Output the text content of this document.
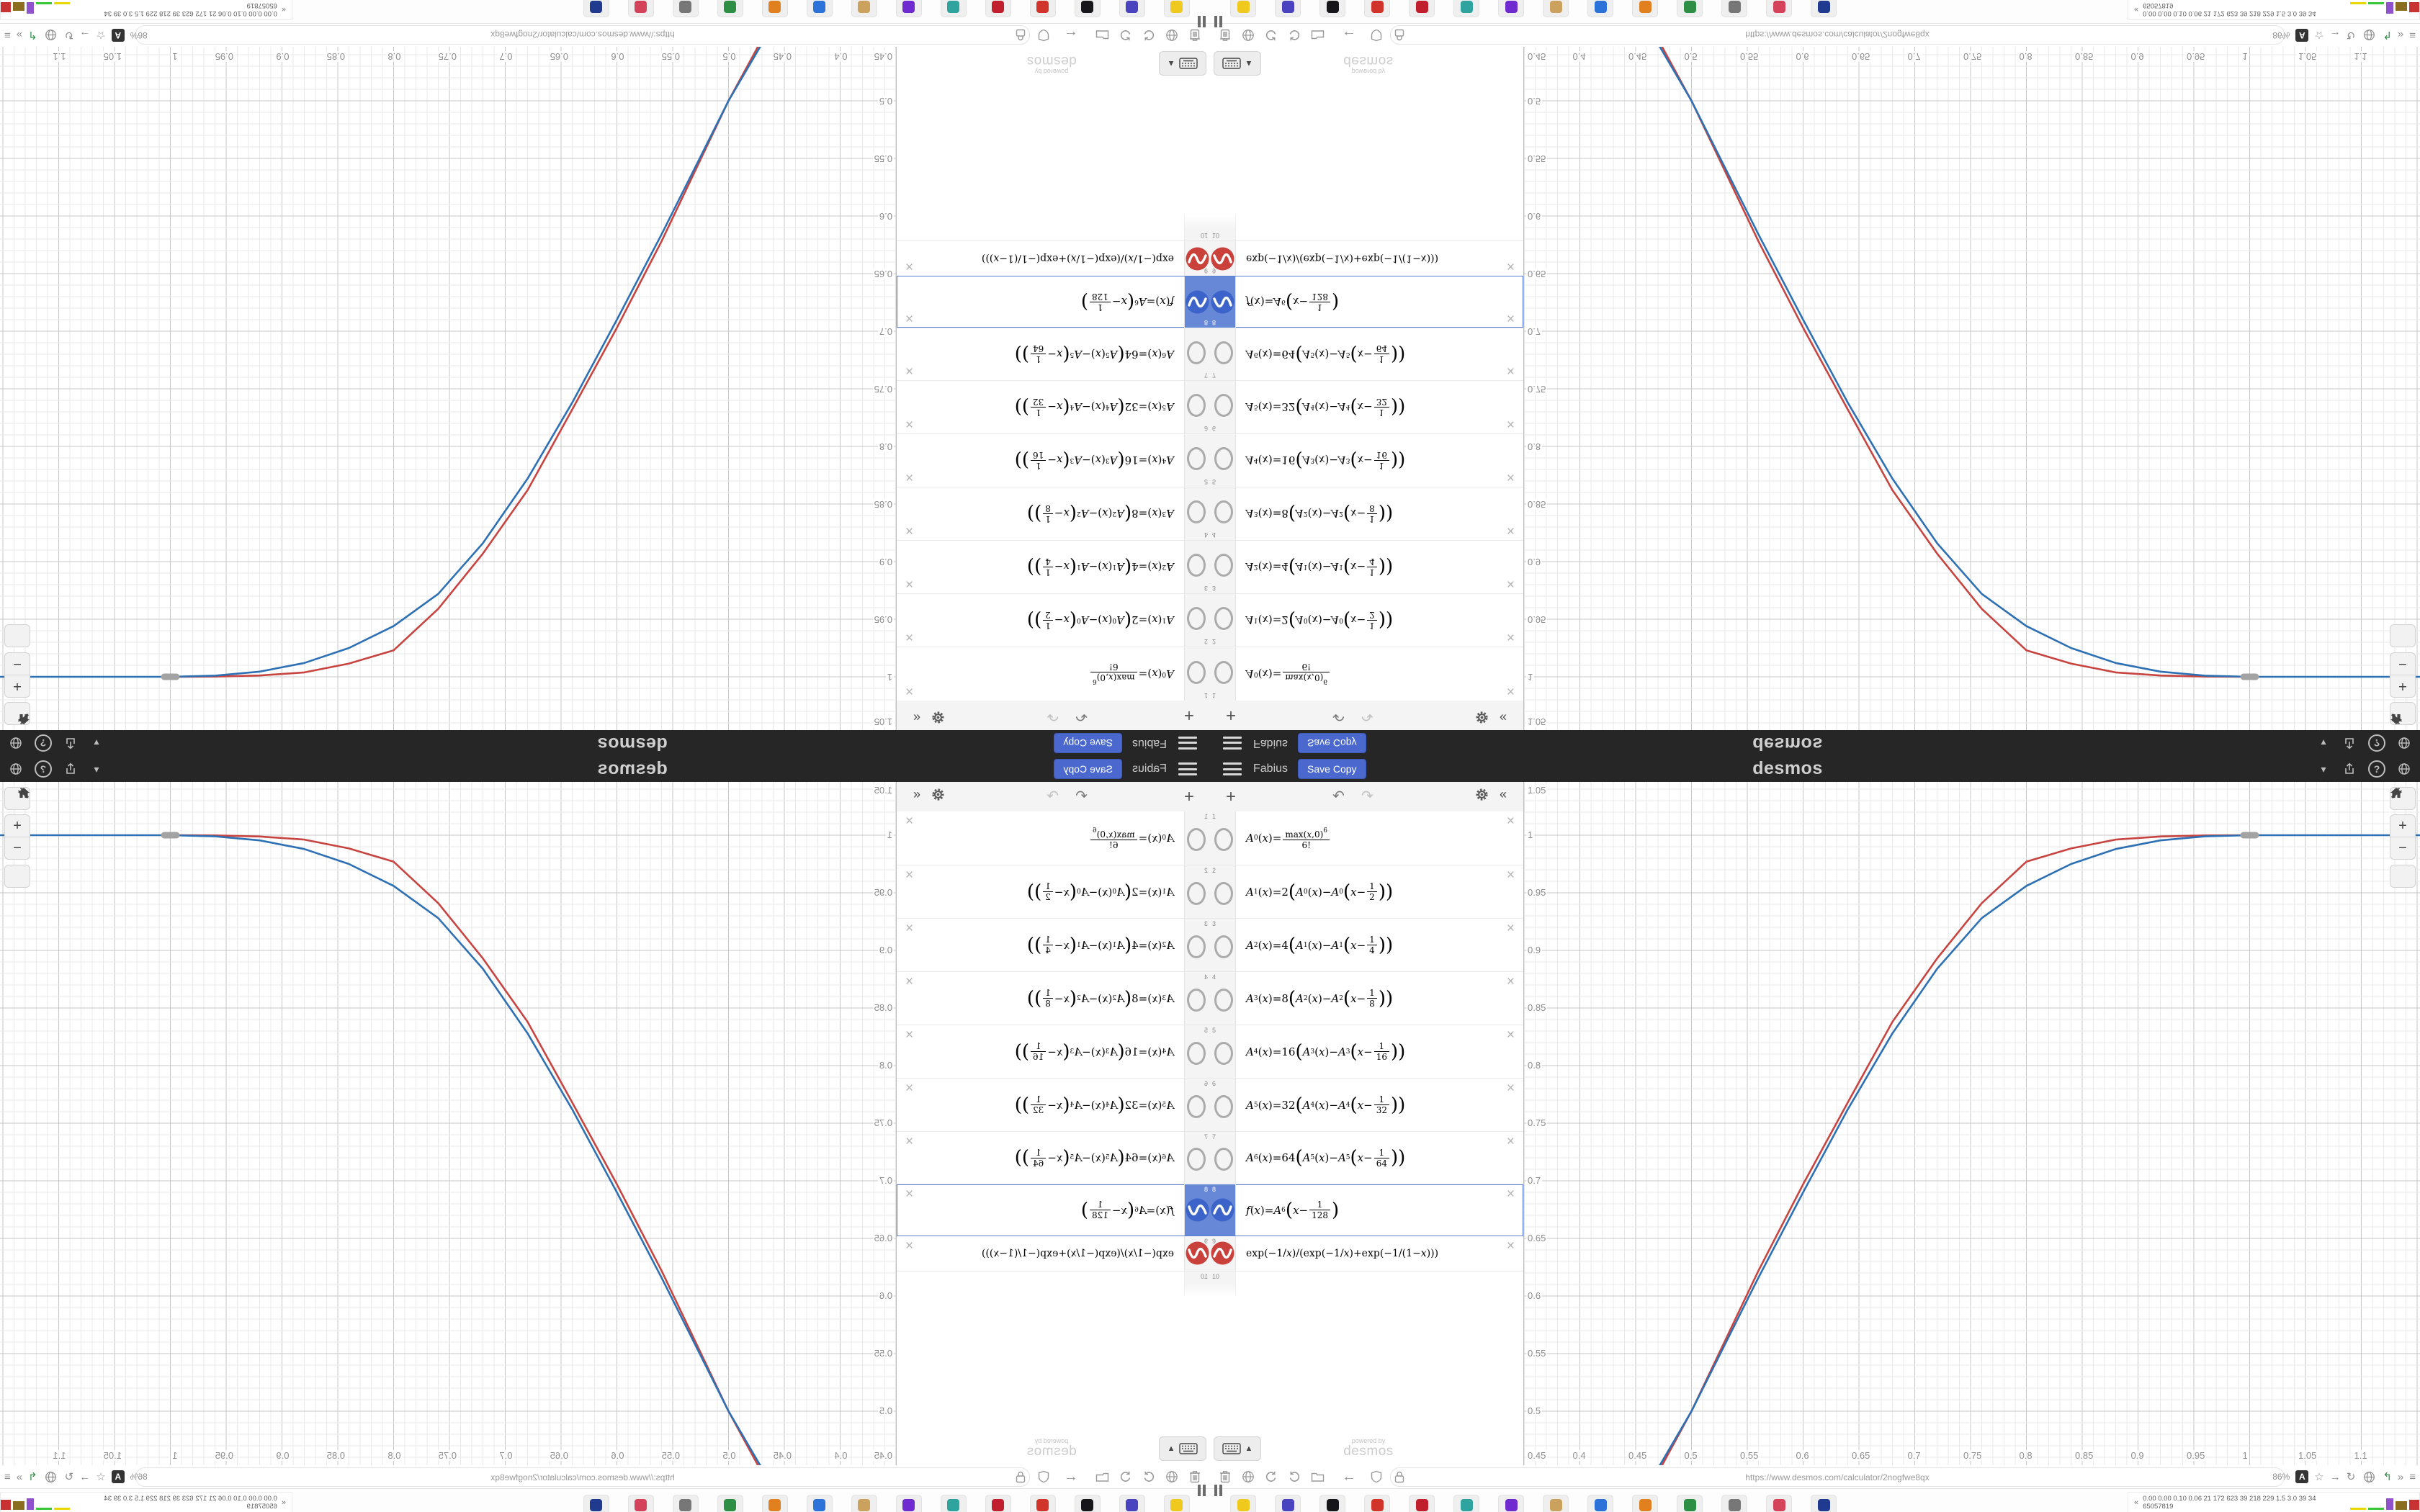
Fabius	Save Copy	desmos	▾	?
+	↶ ↷	«
1
A 0 ( x ) = $\max(x,0)^6$
6!
×
2
A 1 ( x ) = 2 ( A 0 ( x ) − A 0 ( x − 1
2 ) )
×
3
A 2 ( x ) = 4 ( A 1 ( x ) − A 1 ( x − 1
4 ) )
×
4
A 3 ( x ) = 8 ( A 2 ( x ) − A 2 ( x − 1
8 ) )
×
5
A 4 ( x ) = 1 6 ( A 3 ( x ) − A 3 ( x − 1
16 ) )
×
6
A 5 ( x ) = 3 2 ( A 4 ( x ) − A 4 ( x − 1
32 ) )
×
7
A 6 ( x ) = 6 4 ( A 5 ( x ) − A 5 ( x − 1
64 ) )
×
8
f ( x ) = A 6 ( x −	1
128 )
×
9
exp ( − 1 / x ) / ( exp ( − 1 / x ) + exp ( − 1 / ( 1 − x ) ) )	×
10
▲
powered by
desmos
+
−
1.05
1
0.95
0.9
0.85
0.8
0.75
0.7
0.65
0.6
0.55
0.5
0.45	0.4	0.45	0.5	0.55	0.6	0.65	0.7	0.75	0.8	0.85	0.9	0.95	1	1.05	1.1
←	https://www.desmos.com/calculator/2nogfwe8qx	86%	A ☆ → ↻	↰ » ≡
« 0.00 0.00 0.10 0.06 21 172 623 39 218 229 1.5 3.0 39 34 65057819
Fabius
Save Copy
desmos
▾
?
+
↶
↷
«
1
A
0
(
x
)
=
$\max(x,0)^6$
6!
×
2
A
1
(
x
)
=
2
(
A
0
(
x
)
−
A
0
(
x
−
1
2
)
)
×
3
A
2
(
x
)
=
4
(
A
1
(
x
)
−
A
1
(
x
−
1
4
)
)
×
4
A
3
(
x
)
=
8
(
A
2
(
x
)
−
A
2
(
x
−
1
8
)
)
×
5
A
4
(
x
)
=
1
6
(
A
3
(
x
)
−
A
3
(
x
−
1
16
)
)
×
6
A
5
(
x
)
=
3
2
(
A
4
(
x
)
−
A
4
(
x
−
1
32
)
)
×
7
A
6
(
x
)
=
6
4
(
A
5
(
x
)
−
A
5
(
x
−
1
64
)
)
×
8
f
(
x
)
=
A
6
(
x
−
1
128
)
×
9
exp
(
−
1
/
x
)
/
(
exp
(
−
1
/
x
)
+
exp
(
−
1
/
(
1
−
x
)
)
)
×
10
▲
powered by
desmos
+
−
1.05
1
0.95
0.9
0.85
0.8
0.75
0.7
0.65
0.6
0.55
0.5
0.45
0.4
0.45
0.5
0.55
0.6
0.65
0.7
0.75
0.8
0.85
0.9
0.95
1
1.05
1.1
←
https://www.desmos.com/calculator/2nogfwe8qx
86%
A
☆
→
↻
↰
»
≡
«
0.00 0.00 0.10 0.06 21 172 623 39 218 229 1.5 3.0 39 34 65057819
Fabius	Save Copy	desmos	▾	?
+	↶ ↷	«
1
A 0 ( x ) = $\max(x,0)^6$
6!
×
2
A 1 ( x ) = 2 ( A 0 ( x ) − A 0 ( x − 1
2 ) )
×
3
A 2 ( x ) = 4 ( A 1 ( x ) − A 1 ( x − 1
4 ) )
×
4
A 3 ( x ) = 8 ( A 2 ( x ) − A 2 ( x − 1
8 ) )
×
5
A 4 ( x ) = 1 6 ( A 3 ( x ) − A 3 ( x − 1
16 ) )
×
6
A 5 ( x ) = 3 2 ( A 4 ( x ) − A 4 ( x − 1
32 ) )
×
7
A 6 ( x ) = 6 4 ( A 5 ( x ) − A 5 ( x − 1
64 ) )
×
8
f ( x ) = A 6 ( x −	1
128 )
×
9
exp ( − 1 / x ) / ( exp ( − 1 / x ) + exp ( − 1 / ( 1 − x ) ) )	×
10
▲
powered by
desmos
+
−
1.05
1
0.95
0.9
0.85
0.8
0.75
0.7
0.65
0.6
0.55
0.5
0.45	0.4	0.45	0.5	0.55	0.6	0.65	0.7	0.75	0.8	0.85	0.9	0.95	1	1.05	1.1
←	https://www.desmos.com/calculator/2nogfwe8qx	86%	A ☆ → ↻	↰ » ≡
« 0.00 0.00 0.10 0.06 21 172 623 39 218 229 1.5 3.0 39 34 65057819
Fabius
Save Copy
desmos
▾
?
+
↶
↷
«
1
A
0
(
x
)
=
$\max(x,0)^6$
6!
×
2
A
1
(
x
)
=
2
(
A
0
(
x
)
−
A
0
(
x
−
1
2
)
)
×
3
A
2
(
x
)
=
4
(
A
1
(
x
)
−
A
1
(
x
−
1
4
)
)
×
4
A
3
(
x
)
=
8
(
A
2
(
x
)
−
A
2
(
x
−
1
8
)
)
×
5
A
4
(
x
)
=
1
6
(
A
3
(
x
)
−
A
3
(
x
−
1
16
)
)
×
6
A
5
(
x
)
=
3
2
(
A
4
(
x
)
−
A
4
(
x
−
1
32
)
)
×
7
A
6
(
x
)
=
6
4
(
A
5
(
x
)
−
A
5
(
x
−
1
64
)
)
×
8
f
(
x
)
=
A
6
(
x
−
1
128
)
×
9
exp
(
−
1
/
x
)
/
(
exp
(
−
1
/
x
)
+
exp
(
−
1
/
(
1
−
x
)
)
)
×
10
▲
powered by
desmos
+
−
1.05
1
0.95
0.9
0.85
0.8
0.75
0.7
0.65
0.6
0.55
0.5
0.45
0.4
0.45
0.5
0.55
0.6
0.65
0.7
0.75
0.8
0.85
0.9
0.95
1
1.05
1.1
←
https://www.desmos.com/calculator/2nogfwe8qx
86%
A
☆
→
↻
↰
»
≡
«
0.00 0.00 0.10 0.06 21 172 623 39 218 229 1.5 3.0 39 34 65057819
